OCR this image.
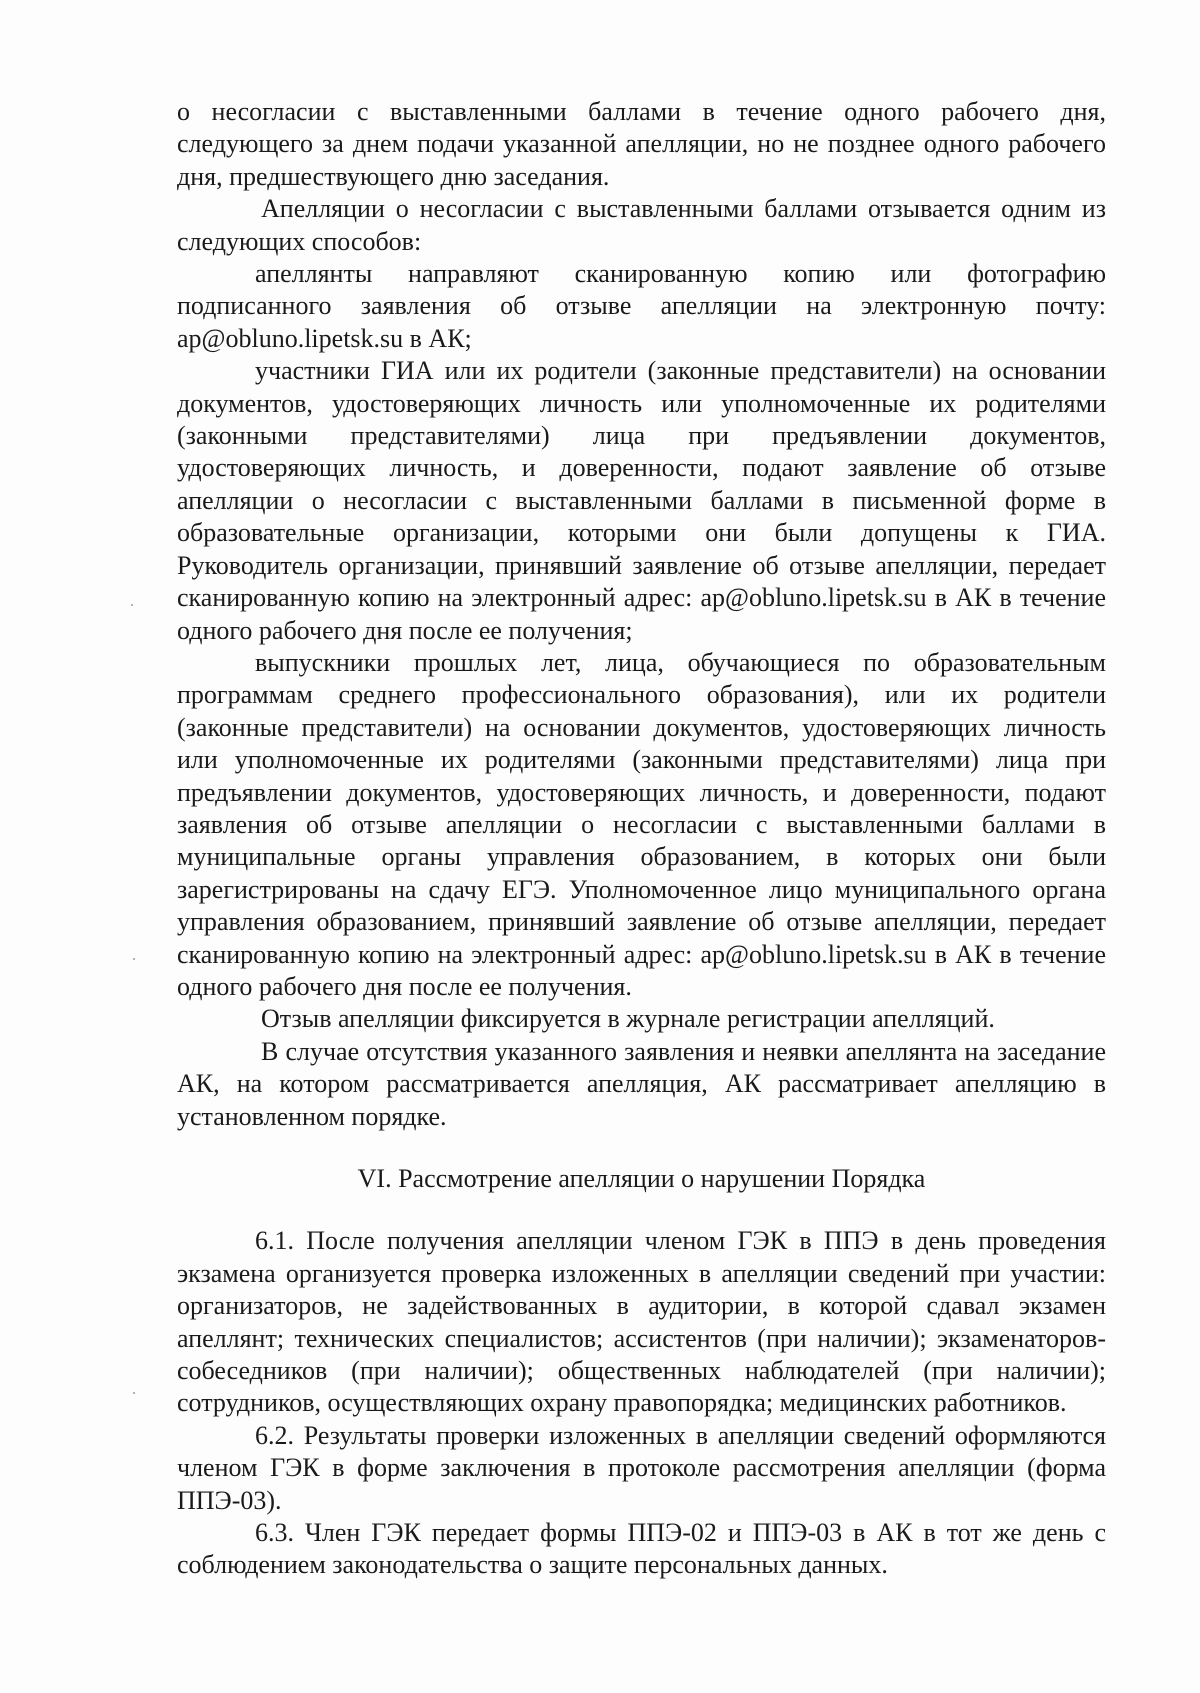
о несогласии с выставленными баллами в течение одного рабочего дня, следующего за днем подачи указанной апелляции, но не позднее одного рабочего дня, предшествующего дню заседания.

Апелляции о несогласии с выставленными баллами отзывается одним из следующих способов:

апеллянты направляют сканированную копию или фотографию подписанного заявления об отзыве апелляции на электронную почту: ap@obluno.lipetsk.su в АК;

участники ГИА или их родители (законные представители) на основании документов, удостоверяющих личность или уполномоченные их родителями (законными представителями) лица при предъявлении документов, удостоверяющих личность, и доверенности, подают заявление об отзыве апелляции о несогласии с выставленными баллами в письменной форме в образовательные организации, которыми они были допущены к ГИА. Руководитель организации, принявший заявление об отзыве апелляции, передает сканированную копию на электронный адрес: ap@obluno.lipetsk.su в АК в течение одного рабочего дня после ее получения;

выпускники прошлых лет, лица, обучающиеся по образовательным программам среднего профессионального образования), или их родители (законные представители) на основании документов, удостоверяющих личность или уполномоченные их родителями (законными представителями) лица при предъявлении документов, удостоверяющих личность, и доверенности, подают заявления об отзыве апелляции о несогласии с выставленными баллами в муниципальные органы управления образованием, в которых они были зарегистрированы на сдачу ЕГЭ. Уполномоченное лицо муниципального органа управления образованием, принявший заявление об отзыве апелляции, передает сканированную копию на электронный адрес: ap@obluno.lipetsk.su в АК в течение одного рабочего дня после ее получения.

Отзыв апелляции фиксируется в журнале регистрации апелляций.

В случае отсутствия указанного заявления и неявки апеллянта на заседание АК, на котором рассматривается апелляция, АК рассматривает апелляцию в установленном порядке.

VI. Рассмотрение апелляции о нарушении Порядка

6.1. После получения апелляции членом ГЭК в ППЭ в день проведения экзамена организуется проверка изложенных в апелляции сведений при участии: организаторов, не задействованных в аудитории, в которой сдавал экзамен апеллянт; технических специалистов; ассистентов (при наличии); экзаменаторов-собеседников (при наличии); общественных наблюдателей (при наличии); сотрудников, осуществляющих охрану правопорядка; медицинских работников.

6.2. Результаты проверки изложенных в апелляции сведений оформляются членом ГЭК в форме заключения в протоколе рассмотрения апелляции (форма ППЭ-03).

6.3. Член ГЭК передает формы ППЭ-02 и ППЭ-03 в АК в тот же день с соблюдением законодательства о защите персональных данных.
